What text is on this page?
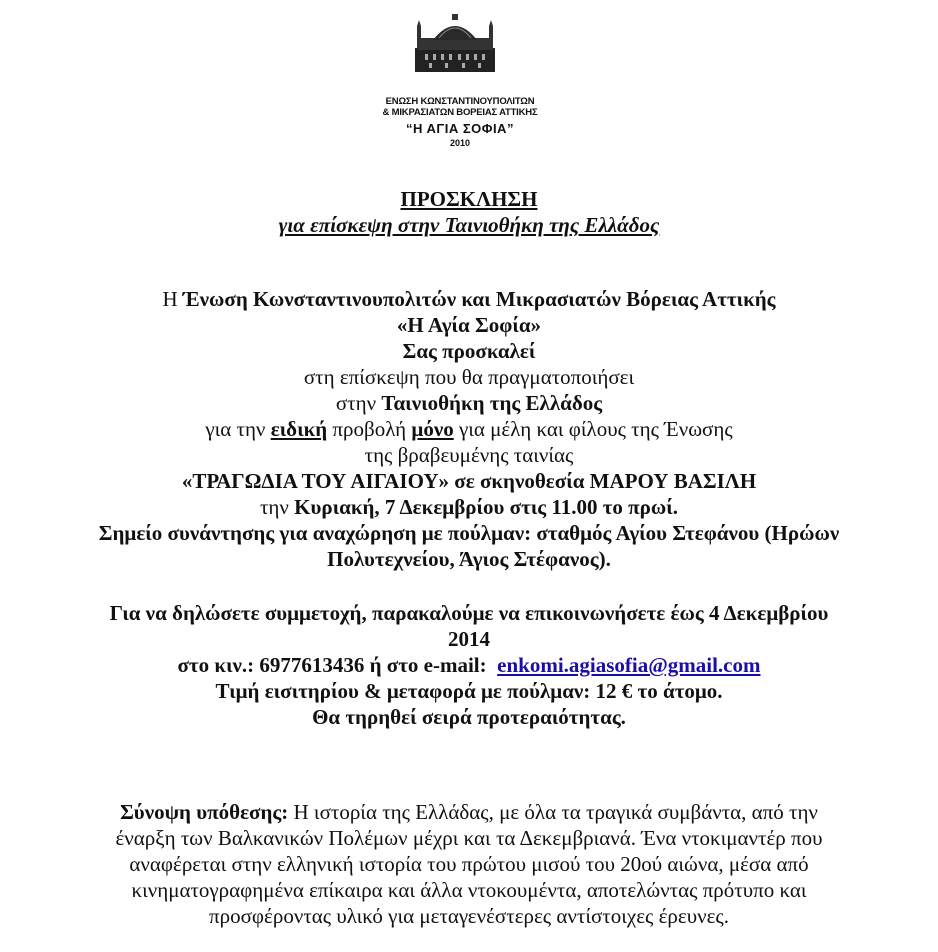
ΕΝΩΣΗ ΚΩΝΣΤΑΝΤΙΝΟΥΠΟΛΙΤΩΝ
& ΜΙΚΡΑΣΙΑΤΩΝ ΒΟΡΕΙΑΣ ΑΤΤΙΚΗΣ
“Η ΑΓΙΑ ΣΟΦΙΑ”
2010
ΠΡΟΣΚΛΗΣΗ
για επίσκεψη στην Ταινιοθήκη της Ελλάδος
Η Ένωση Κωνσταντινουπολιτών και Μικρασιατών Βόρειας Αττικής
«Η Αγία Σοφία»
Σας προσκαλεί
στη επίσκεψη που θα πραγματοποιήσει
στην Ταινιοθήκη της Ελλάδος
για την ειδική προβολή μόνο για μέλη και φίλους της Ένωσης
της βραβευμένης ταινίας
«ΤΡΑΓΩΔΙΑ ΤΟΥ ΑΙΓΑΙΟΥ» σε σκηνοθεσία ΜΑΡΟΥ ΒΑΣΙΛΗ
την Κυριακή, 7 Δεκεμβρίου στις 11.00 το πρωί.
Σημείο συνάντησης για αναχώρηση με πούλμαν: σταθμός Αγίου Στεφάνου (Ηρώων
Πολυτεχνείου, Άγιος Στέφανος).
Για να δηλώσετε συμμετοχή, παρακαλούμε να επικοινωνήσετε έως 4 Δεκεμβρίου
2014
στο κιν.: 6977613436 ή στο e-mail: enkomi.agiasofia@gmail.com
Τιμή εισιτηρίου & μεταφορά με πούλμαν: 12 € το άτομο.
Θα τηρηθεί σειρά προτεραιότητας.
Σύνοψη υπόθεσης: Η ιστορία της Ελλάδας, με όλα τα τραγικά συμβάντα, από την
έναρξη των Βαλκανικών Πολέμων μέχρι και τα Δεκεμβριανά. Ένα ντοκιμαντέρ που
αναφέρεται στην ελληνική ιστορία του πρώτου μισού του 20ού αιώνα, μέσα από
κινηματογραφημένα επίκαιρα και άλλα ντοκουμέντα, αποτελώντας πρότυπο και
προσφέροντας υλικό για μεταγενέστερες αντίστοιχες έρευνες.
